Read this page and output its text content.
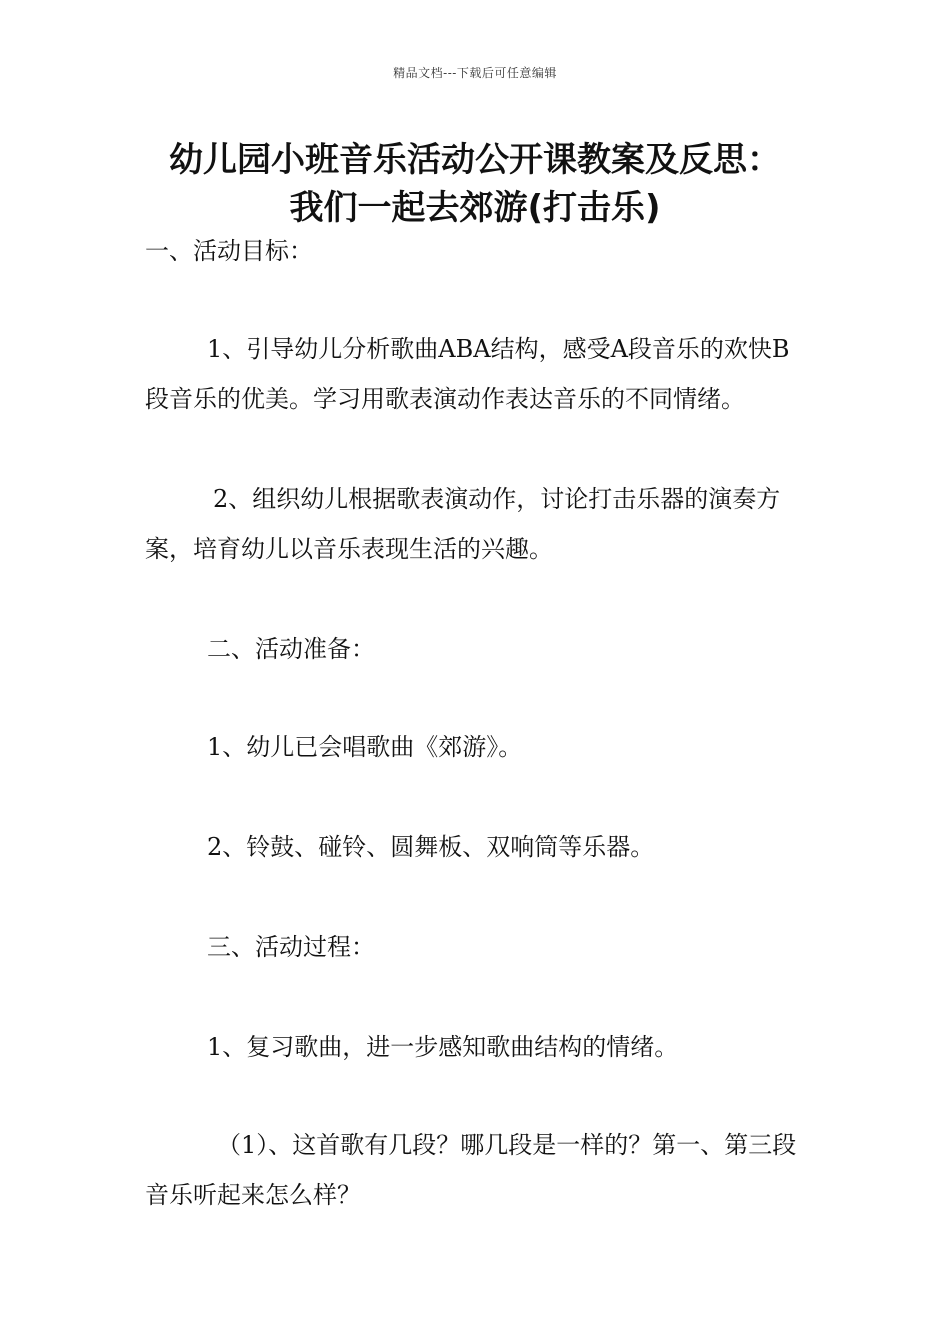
精品文档---下载后可任意编辑
幼儿园小班音乐活动公开课教案及反思：
我们一起去郊游(打击乐)
一、活动目标：
1、引导幼儿分析歌曲ABA结构，感受A段音乐的欢快B段音乐的优美。学习用歌表演动作表达音乐的不同情绪。
2、组织幼儿根据歌表演动作，讨论打击乐器的演奏方案，培育幼儿以音乐表现生活的兴趣。
二、活动准备：
1、幼儿已会唱歌曲《郊游》。
2、铃鼓、碰铃、圆舞板、双响筒等乐器。
三、活动过程：
1、复习歌曲，进一步感知歌曲结构的情绪。
（1）、这首歌有几段？哪几段是一样的？第一、第三段音乐听起来怎么样？
